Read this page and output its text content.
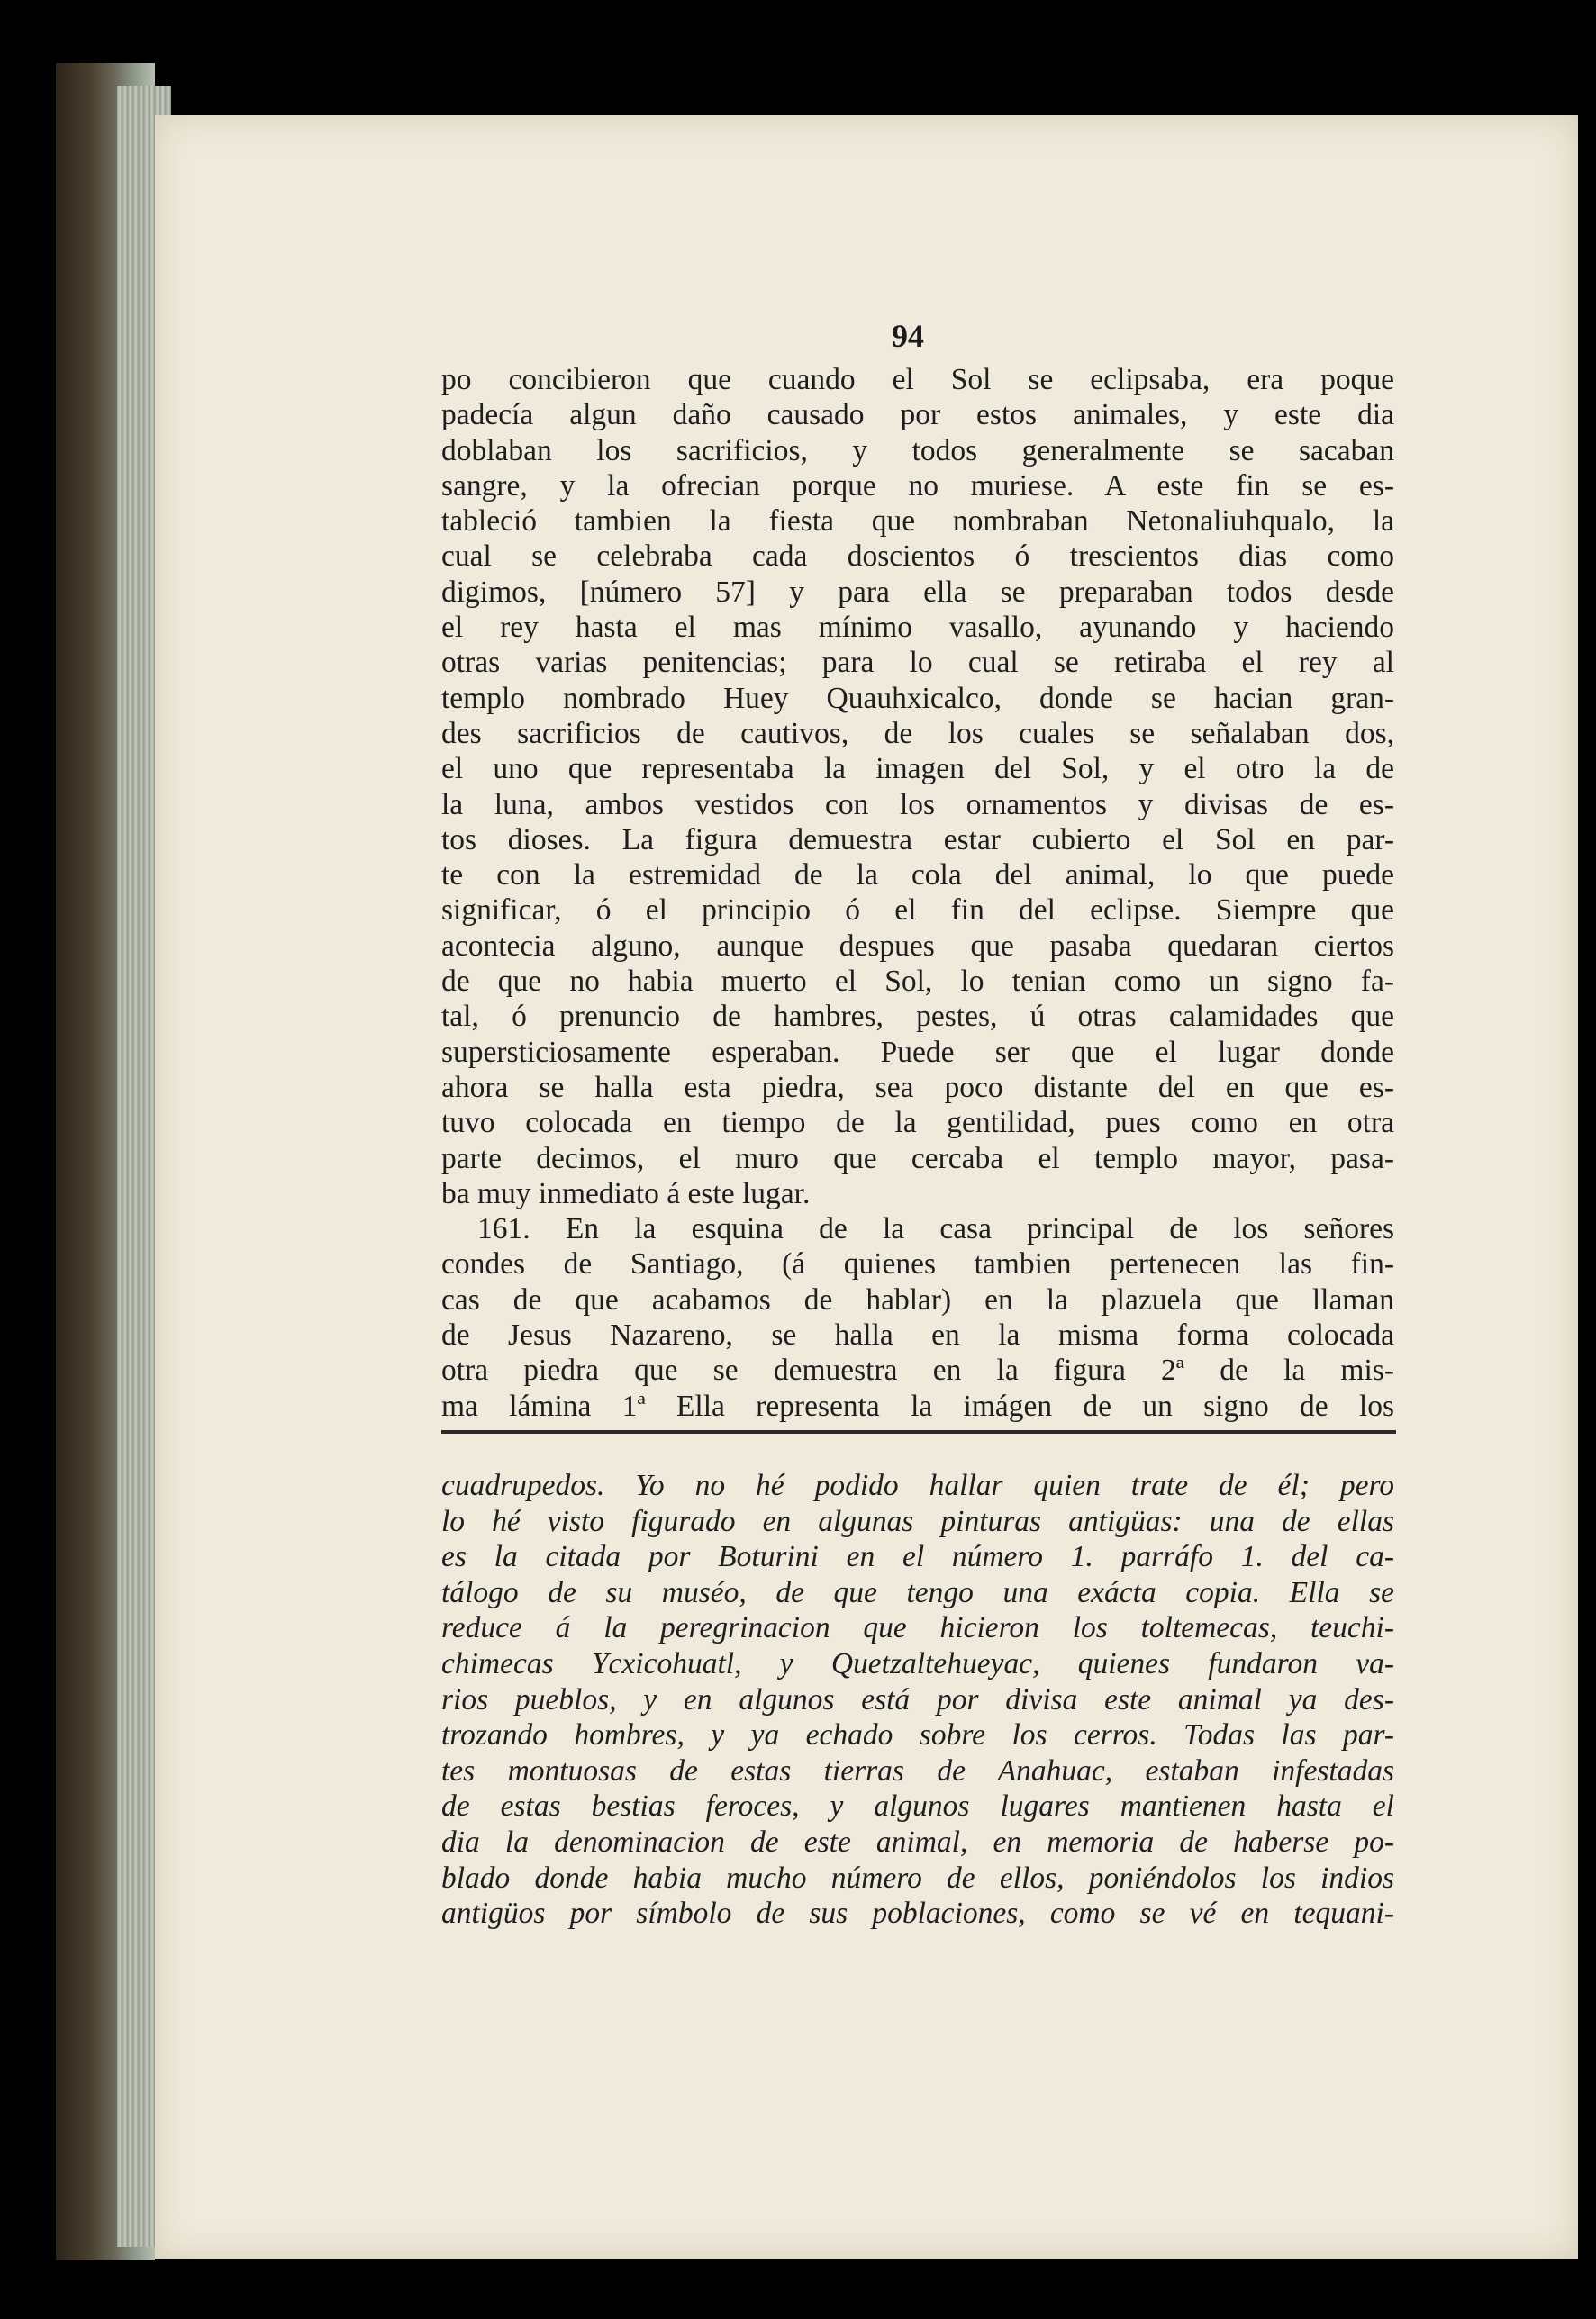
94
po concibieron que cuando el Sol se eclipsaba, era poque
padecía algun daño causado por estos animales, y este dia
doblaban los sacrificios, y todos generalmente se sacaban
sangre, y la ofrecian porque no muriese. A este fin se es-
tableció tambien la fiesta que nombraban Netonaliuhqualo, la
cual se celebraba cada doscientos ó trescientos dias como
digimos, [número 57] y para ella se preparaban todos desde
el rey hasta el mas mínimo vasallo, ayunando y haciendo
otras varias penitencias; para lo cual se retiraba el rey al
templo nombrado Huey Quauhxicalco, donde se hacian gran-
des sacrificios de cautivos, de los cuales se señalaban dos,
el uno que representaba la imagen del Sol, y el otro la de
la luna, ambos vestidos con los ornamentos y divisas de es-
tos dioses. La figura demuestra estar cubierto el Sol en par-
te con la estremidad de la cola del animal, lo que puede
significar, ó el principio ó el fin del eclipse. Siempre que
acontecia alguno, aunque despues que pasaba quedaran ciertos
de que no habia muerto el Sol, lo tenian como un signo fa-
tal, ó prenuncio de hambres, pestes, ú otras calamidades que
supersticiosamente esperaban. Puede ser que el lugar donde
ahora se halla esta piedra, sea poco distante del en que es-
tuvo colocada en tiempo de la gentilidad, pues como en otra
parte decimos, el muro que cercaba el templo mayor, pasa-
ba muy inmediato á este lugar.
161. En la esquina de la casa principal de los señores
condes de Santiago, (á quienes tambien pertenecen las fin-
cas de que acabamos de hablar) en la plazuela que llaman
de Jesus Nazareno, se halla en la misma forma colocada
otra piedra que se demuestra en la figura 2ª de la mis-
ma lámina 1ª Ella representa la imágen de un signo de los
cuadrupedos. Yo no hé podido hallar quien trate de él; pero
lo hé visto figurado en algunas pinturas antigüas: una de ellas
es la citada por Boturini en el número 1. parráfo 1. del ca-
tálogo de su muséo, de que tengo una exácta copia. Ella se
reduce á la peregrinacion que hicieron los toltemecas, teuchi-
chimecas Ycxicohuatl, y Quetzaltehueyac, quienes fundaron va-
rios pueblos, y en algunos está por divisa este animal ya des-
trozando hombres, y ya echado sobre los cerros. Todas las par-
tes montuosas de estas tierras de Anahuac, estaban infestadas
de estas bestias feroces, y algunos lugares mantienen hasta el
dia la denominacion de este animal, en memoria de haberse po-
blado donde habia mucho número de ellos, poniéndolos los indios
antigüos por símbolo de sus poblaciones, como se vé en tequani-
